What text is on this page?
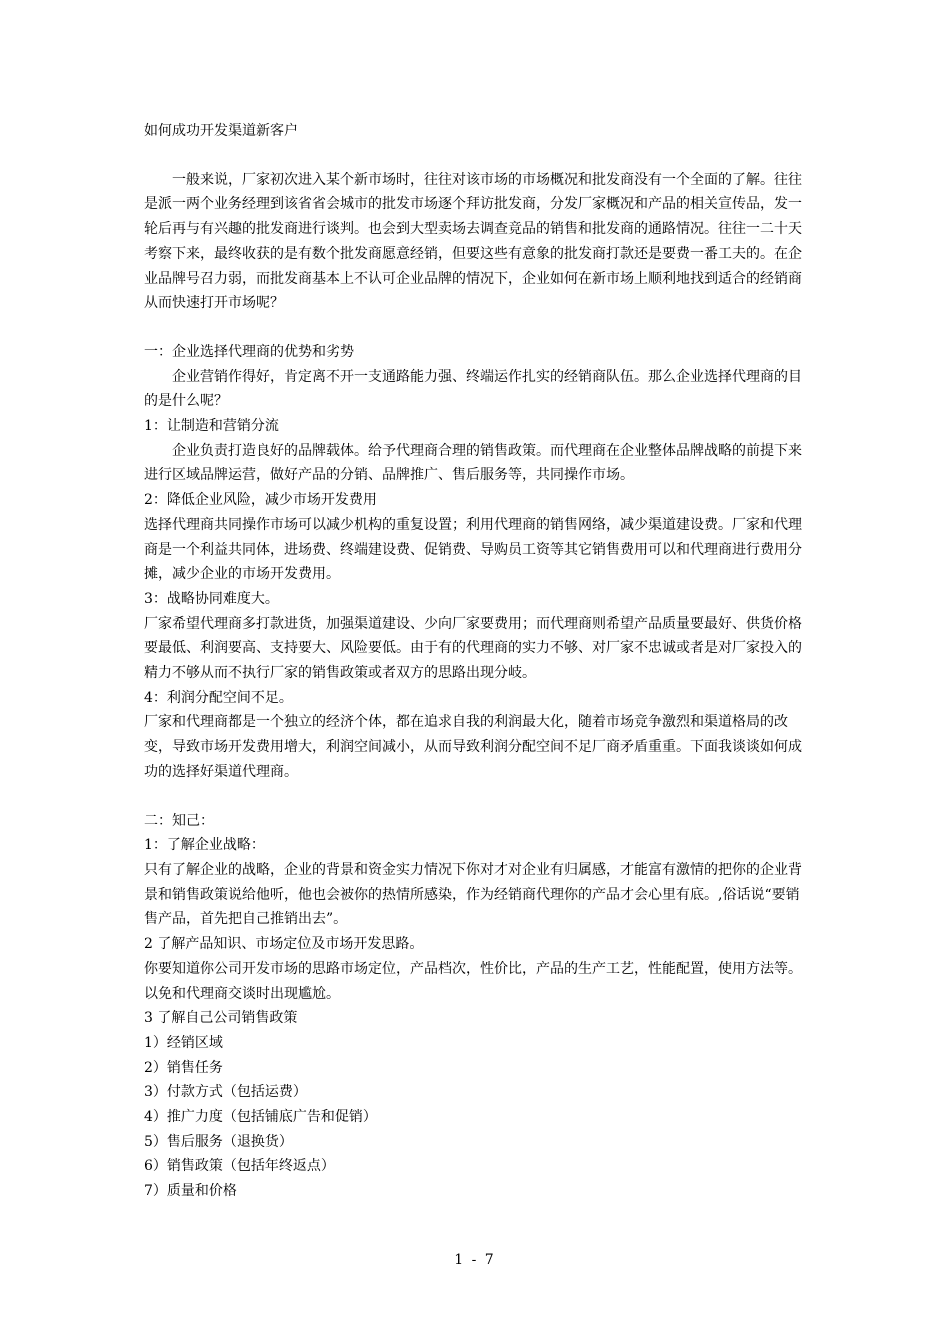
如何成功开发渠道新客户

一般来说，厂家初次进入某个新市场时，往往对该市场的市场概况和批发商没有一个全面的了解。往往是派一两个业务经理到该省省会城市的批发市场逐个拜访批发商，分发厂家概况和产品的相关宣传品，发一轮后再与有兴趣的批发商进行谈判。也会到大型卖场去调查竞品的销售和批发商的通路情况。往往一二十天考察下来，最终收获的是有数个批发商愿意经销，但要这些有意象的批发商打款还是要费一番工夫的。在企业品牌号召力弱，而批发商基本上不认可企业品牌的情况下，企业如何在新市场上顺利地找到适合的经销商从而快速打开市场呢？

一：企业选择代理商的优势和劣势

企业营销作得好，肯定离不开一支通路能力强、终端运作扎实的经销商队伍。那么企业选择代理商的目的是什么呢？

1：让制造和营销分流

企业负责打造良好的品牌载体。给予代理商合理的销售政策。而代理商在企业整体品牌战略的前提下来进行区域品牌运营，做好产品的分销、品牌推广、售后服务等，共同操作市场。

2：降低企业风险，减少市场开发费用

选择代理商共同操作市场可以减少机构的重复设置；利用代理商的销售网络，减少渠道建设费。厂家和代理商是一个利益共同体，进场费、终端建设费、促销费、导购员工资等其它销售费用可以和代理商进行费用分摊，减少企业的市场开发费用。

3：战略协同难度大。

厂家希望代理商多打款进货，加强渠道建设、少向厂家要费用；而代理商则希望产品质量要最好、供货价格要最低、利润要高、支持要大、风险要低。由于有的代理商的实力不够、对厂家不忠诚或者是对厂家投入的精力不够从而不执行厂家的销售政策或者双方的思路出现分岐。

4：利润分配空间不足。

厂家和代理商都是一个独立的经济个体，都在追求自我的利润最大化，随着市场竞争激烈和渠道格局的改变，导致市场开发费用增大，利润空间减小，从而导致利润分配空间不足厂商矛盾重重。下面我谈谈如何成功的选择好渠道代理商。

二：知己：

1：了解企业战略：

只有了解企业的战略，企业的背景和资金实力情况下你对才对企业有归属感，才能富有激情的把你的企业背景和销售政策说给他听，他也会被你的热情所感染，作为经销商代理你的产品才会心里有底。,俗话说“要销售产品，首先把自己推销出去”。

2 了解产品知识、市场定位及市场开发思路。

你要知道你公司开发市场的思路市场定位，产品档次，性价比，产品的生产工艺，性能配置，使用方法等。以免和代理商交谈时出现尴尬。

3 了解自己公司销售政策

1）经销区域

2）销售任务

3）付款方式（包括运费）

4）推广力度（包括铺底广告和促销）

5）售后服务（退换货）

6）销售政策（包括年终返点）

7）质量和价格

1 - 7
